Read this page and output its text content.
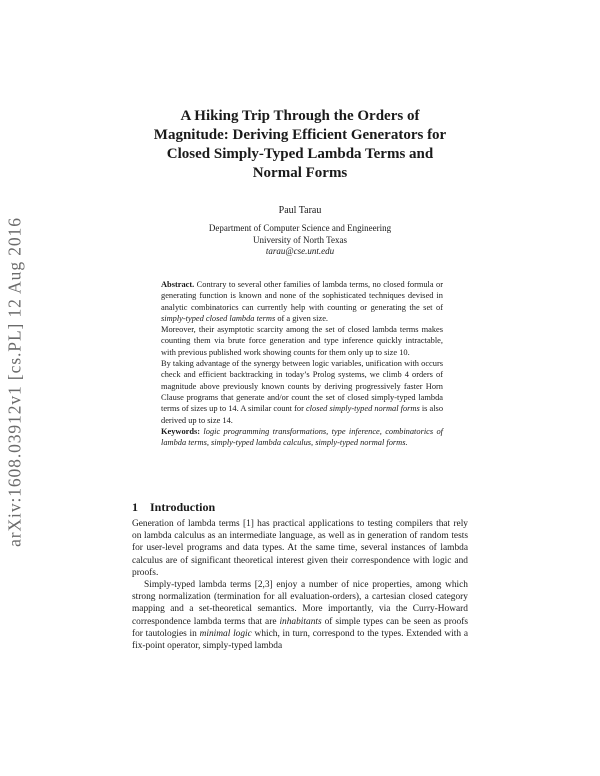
arXiv:1608.03912v1 [cs.PL] 12 Aug 2016
A Hiking Trip Through the Orders of
Magnitude: Deriving Efficient Generators for
Closed Simply-Typed Lambda Terms and
Normal Forms
Paul Tarau
Department of Computer Science and Engineering
University of North Texas
tarau@cse.unt.edu

Abstract. Contrary to several other families of lambda terms, no closed formula or generating function is known and none of the sophisticated techniques devised in analytic combinatorics can currently help with counting or generating the set of simply-typed closed lambda terms of a given size.

Moreover, their asymptotic scarcity among the set of closed lambda terms makes counting them via brute force generation and type inference quickly intractable, with previous published work showing counts for them only up to size 10.

By taking advantage of the synergy between logic variables, unification with occurs check and efficient backtracking in today’s Prolog systems, we climb 4 orders of magnitude above previously known counts by deriving progressively faster Horn Clause programs that generate and/or count the set of closed simply-typed lambda terms of sizes up to 14. A similar count for closed simply-typed normal forms is also derived up to size 14.

Keywords: logic programming transformations, type inference, combinatorics of lambda terms, simply-typed lambda calculus, simply-typed normal forms.

1 Introduction

Generation of lambda terms [1] has practical applications to testing compilers that rely on lambda calculus as an intermediate language, as well as in generation of random tests for user-level programs and data types. At the same time, several instances of lambda calculus are of significant theoretical interest given their correspondence with logic and proofs.

Simply-typed lambda terms [2,3] enjoy a number of nice properties, among which strong normalization (termination for all evaluation-orders), a cartesian closed category mapping and a set-theoretical semantics. More importantly, via the Curry-Howard correspondence lambda terms that are inhabitants of simple types can be seen as proofs for tautologies in minimal logic which, in turn, correspond to the types. Extended with a fix-point operator, simply-typed lambda
